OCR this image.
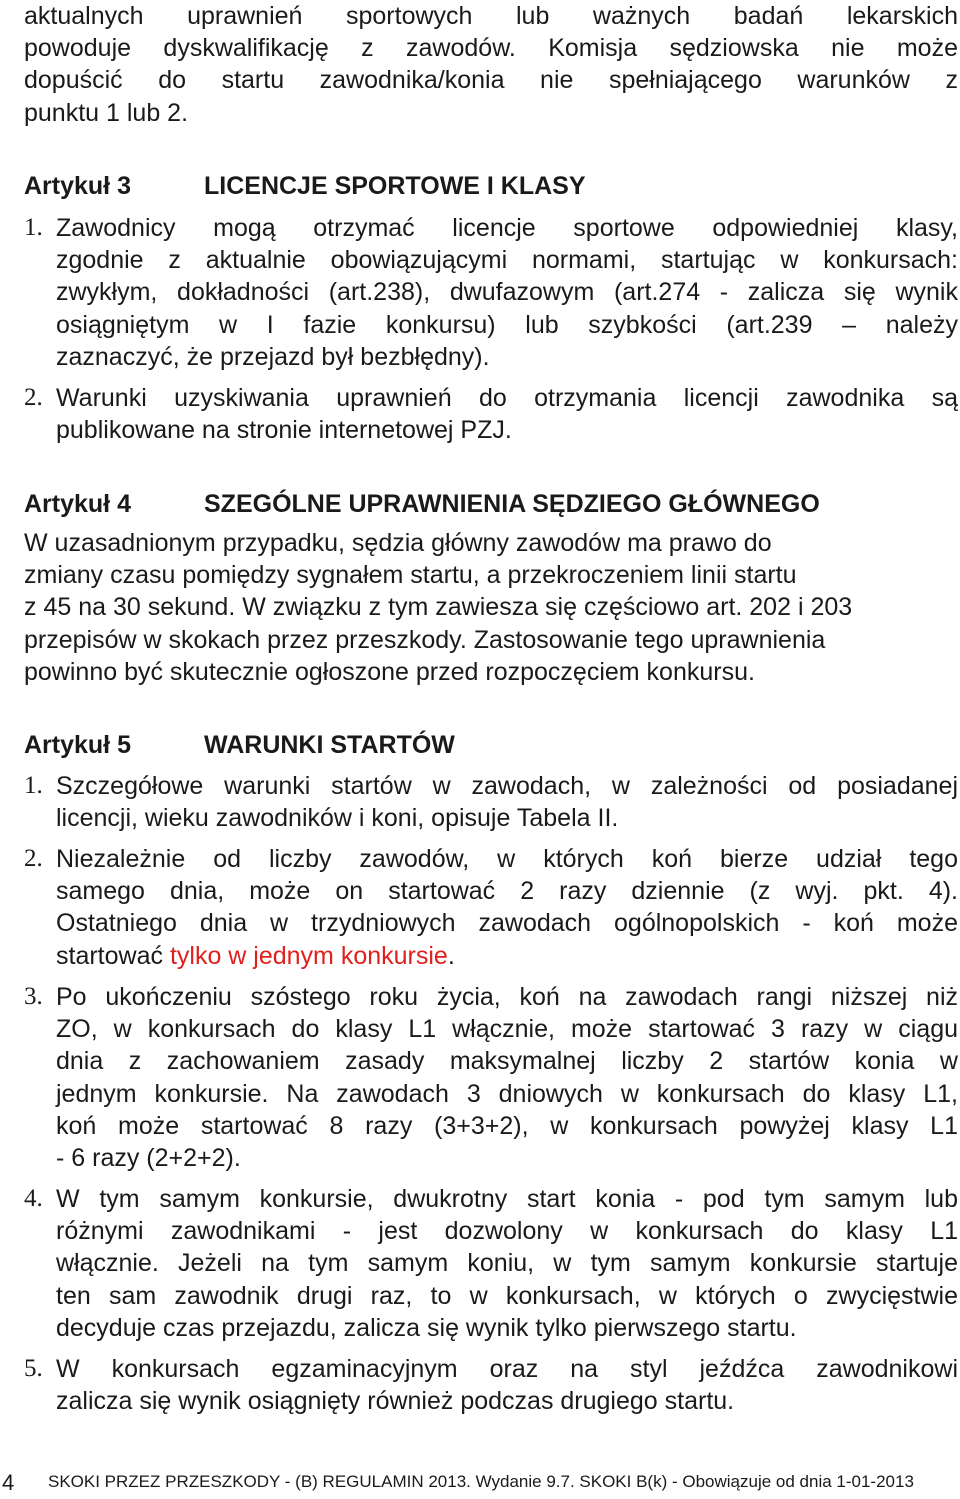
aktualnych uprawnień sportowych lub ważnych badań lekarskich
powoduje dyskwalifikację z zawodów. Komisja sędziowska nie może
dopuścić do startu zawodnika/konia nie spełniającego warunków z
punktu 1 lub 2.
Artykuł 3	LICENCJE SPORTOWE I KLASY
1. Zawodnicy mogą otrzymać licencje sportowe odpowiedniej klasy,
zgodnie z aktualnie obowiązującymi normami, startując w konkursach:
zwykłym, dokładności (art.238), dwufazowym (art.274 - zalicza się wynik
osiągniętym w I fazie konkursu) lub szybkości (art.239 – należy
zaznaczyć, że przejazd był bezbłędny).
2. Warunki uzyskiwania uprawnień do otrzymania licencji zawodnika są
publikowane na stronie internetowej PZJ.
Artykuł 4	SZEGÓLNE UPRAWNIENIA SĘDZIEGO GŁÓWNEGO
W uzasadnionym przypadku, sędzia główny zawodów ma prawo do
zmiany czasu pomiędzy sygnałem startu, a przekroczeniem linii startu
z 45 na 30 sekund. W związku z tym zawiesza się częściowo art. 202 i 203
przepisów w skokach przez przeszkody. Zastosowanie tego uprawnienia
powinno być skutecznie ogłoszone przed rozpoczęciem konkursu.
Artykuł 5	WARUNKI STARTÓW
1. Szczegółowe warunki startów w zawodach, w zależności od posiadanej
licencji, wieku zawodników i koni, opisuje Tabela II.
2. Niezależnie od liczby zawodów, w których koń bierze udział tego
samego dnia, może on startować 2 razy dziennie (z wyj. pkt. 4).
Ostatniego dnia w trzydniowych zawodach ogólnopolskich - koń może
startować tylko w jednym konkursie.
3. Po ukończeniu szóstego roku życia, koń na zawodach rangi niższej niż
ZO, w konkursach do klasy L1 włącznie, może startować 3 razy w ciągu
dnia z zachowaniem zasady maksymalnej liczby 2 startów konia w
jednym konkursie. Na zawodach 3 dniowych w konkursach do klasy L1,
koń może startować 8 razy (3+3+2), w konkursach powyżej klasy L1
- 6 razy (2+2+2).
4. W tym samym konkursie, dwukrotny start konia - pod tym samym lub
różnymi zawodnikami - jest dozwolony w konkursach do klasy L1
włącznie. Jeżeli na tym samym koniu, w tym samym konkursie startuje
ten sam zawodnik drugi raz, to w konkursach, w których o zwycięstwie
decyduje czas przejazdu, zalicza się wynik tylko pierwszego startu.
5. W konkursach egzaminacyjnym oraz na styl jeźdźca zawodnikowi
zalicza się wynik osiągnięty również podczas drugiego startu.
4 SKOKI PRZEZ PRZESZKODY - (B) REGULAMIN 2013. Wydanie 9.7. SKOKI B(k) - Obowiązuje od dnia 1-01-2013
